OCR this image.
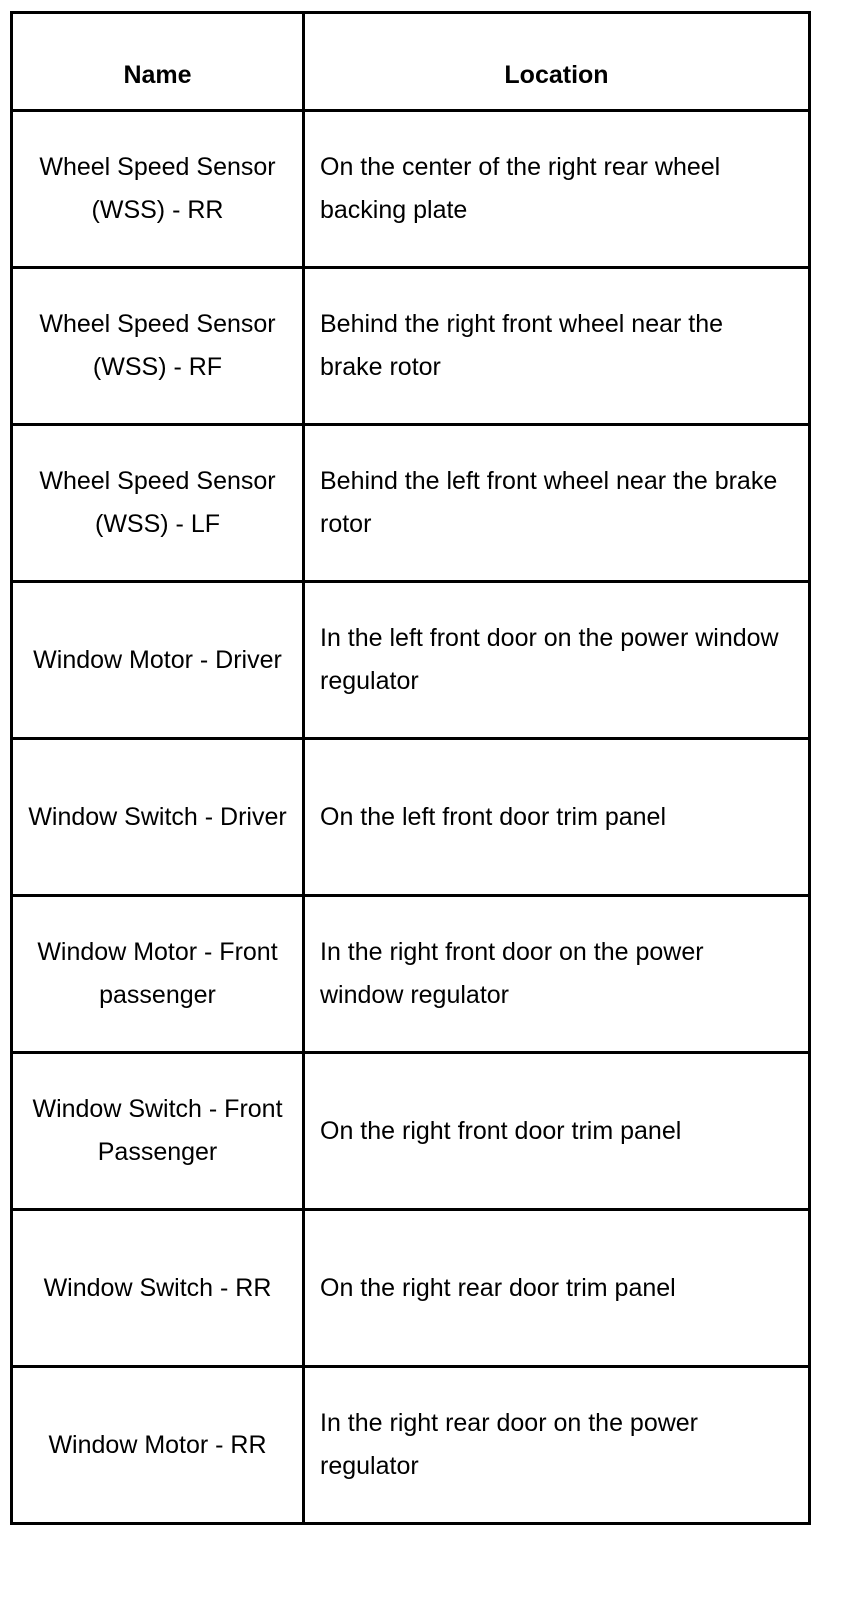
Name	Location
Wheel Speed Sensor (WSS) - RR	On the center of the right rear wheel backing plate
Wheel Speed Sensor (WSS) - RF	Behind the right front wheel near the brake rotor
Wheel Speed Sensor (WSS) - LF	Behind the left front wheel near the brake rotor
Window Motor - Driver	In the left front door on the power window regulator
Window Switch - Driver	On the left front door trim panel
Window Motor - Front passenger	In the right front door on the power window regulator
Window Switch - Front Passenger	On the right front door trim panel
Window Switch - RR	On the right rear door trim panel
Window Motor - RR	In the right rear door on the power regulator
